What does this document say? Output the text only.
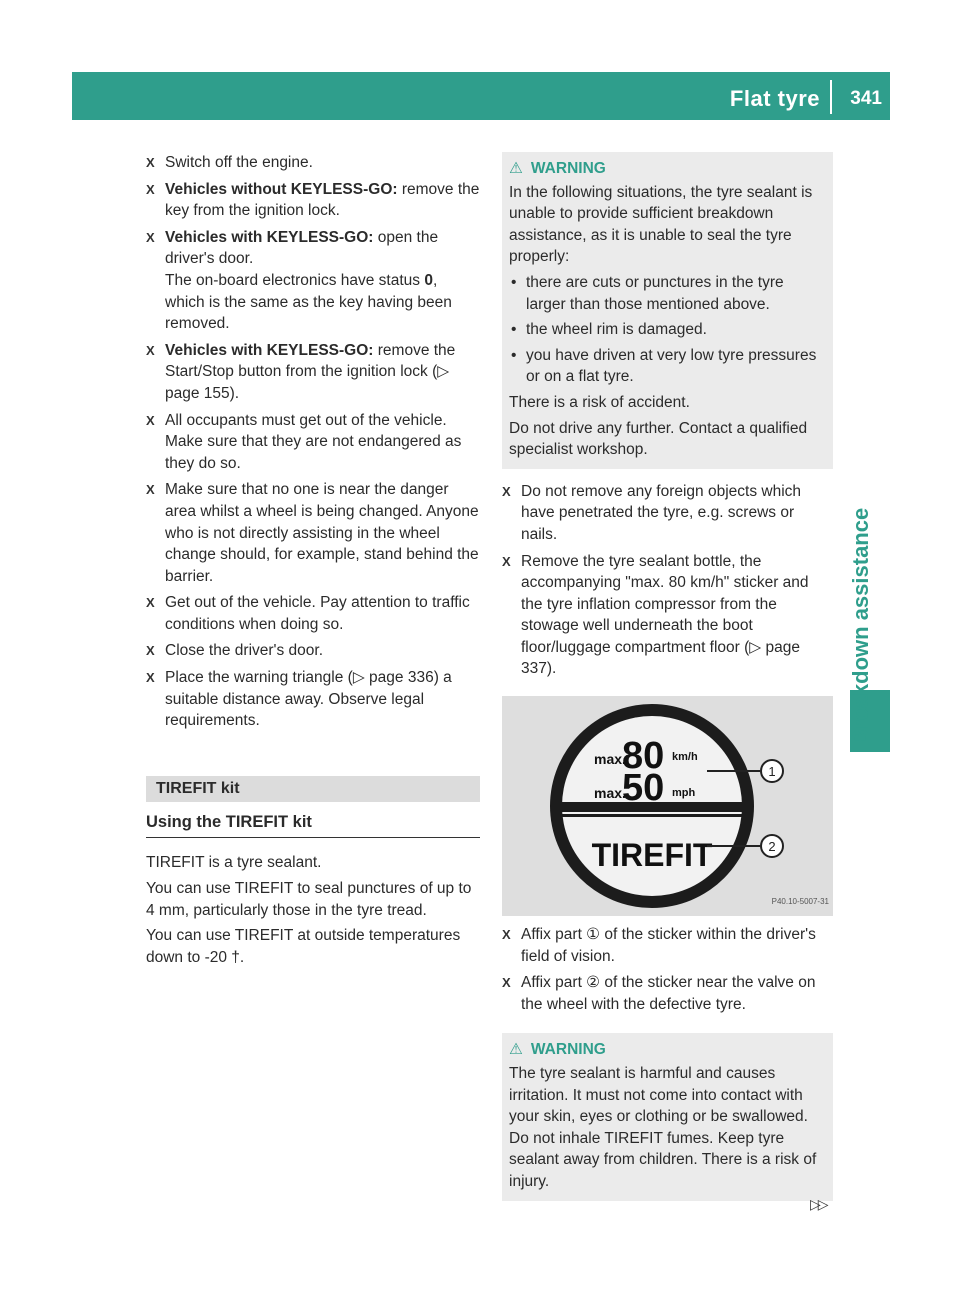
Flat tyre 341
Breakdown assistance
X Switch off the engine.
X Vehicles without KEYLESS-GO: remove the key from the ignition lock.
X Vehicles with KEYLESS-GO: open the driver's door.
The on-board electronics have status 0, which is the same as the key having been removed.
X Vehicles with KEYLESS-GO: remove the Start/Stop button from the ignition lock (▷ page 155).
X All occupants must get out of the vehicle. Make sure that they are not endangered as they do so.
X Make sure that no one is near the danger area whilst a wheel is being changed. Anyone who is not directly assisting in the wheel change should, for example, stand behind the barrier.
X Get out of the vehicle. Pay attention to traffic conditions when doing so.
X Close the driver's door.
X Place the warning triangle (▷ page 336) a suitable distance away. Observe legal requirements.
TIREFIT kit
Using the TIREFIT kit
TIREFIT is a tyre sealant.
You can use TIREFIT to seal punctures of up to 4 mm, particularly those in the tyre tread.
You can use TIREFIT at outside temperatures down to -20 †.
⚠ WARNING
In the following situations, the tyre sealant is unable to provide sufficient breakdown assistance, as it is unable to seal the tyre properly:
• there are cuts or punctures in the tyre larger than those mentioned above.
• the wheel rim is damaged.
• you have driven at very low tyre pressures or on a flat tyre.
There is a risk of accident.
Do not drive any further. Contact a qualified specialist workshop.
X Do not remove any foreign objects which have penetrated the tyre, e.g. screws or nails.
X Remove the tyre sealant bottle, the accompanying "max. 80 km/h" sticker and the tyre inflation compressor from the stowage well underneath the boot floor/luggage compartment floor (▷ page 337).
max.
80 km/h
max.
50 mph
TIREFIT
1
2
P40.10-5007-31
X Affix part ① of the sticker within the driver's field of vision.
X Affix part ② of the sticker near the valve on the wheel with the defective tyre.
⚠ WARNING
The tyre sealant is harmful and causes irritation. It must not come into contact with your skin, eyes or clothing or be swallowed. Do not inhale TIREFIT fumes. Keep tyre sealant away from children. There is a risk of injury.
▷▷
